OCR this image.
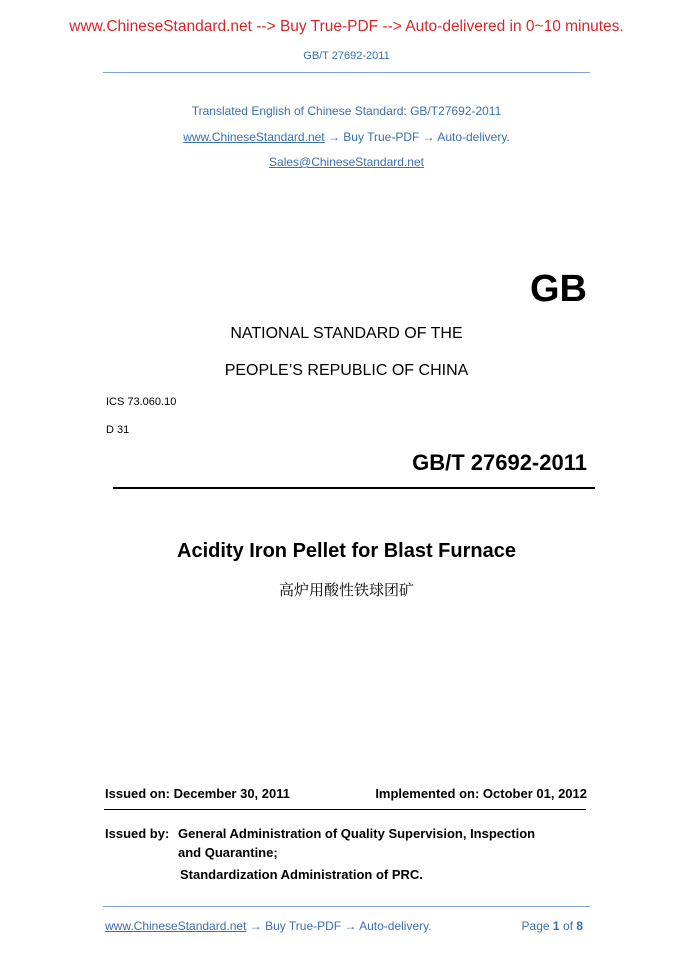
www.ChineseStandard.net --> Buy True-PDF --> Auto-delivered in 0~10 minutes.
GB/T 27692-2011
Translated English of Chinese Standard: GB/T27692-2011
www.ChineseStandard.net → Buy True-PDF → Auto-delivery.
Sales@ChineseStandard.net
GB
NATIONAL STANDARD OF THE
PEOPLE’S REPUBLIC OF CHINA
ICS 73.060.10
D 31
GB/T 27692-2011
Acidity Iron Pellet for Blast Furnace
高炉用酸性铁球团矿
Issued on: December 30, 2011	Implemented on: October 01, 2012
Issued by: General Administration of Quality Supervision, Inspection
and Quarantine;
Standardization Administration of PRC.
www.ChineseStandard.net → Buy True-PDF → Auto-delivery.	Page 1 of 8
